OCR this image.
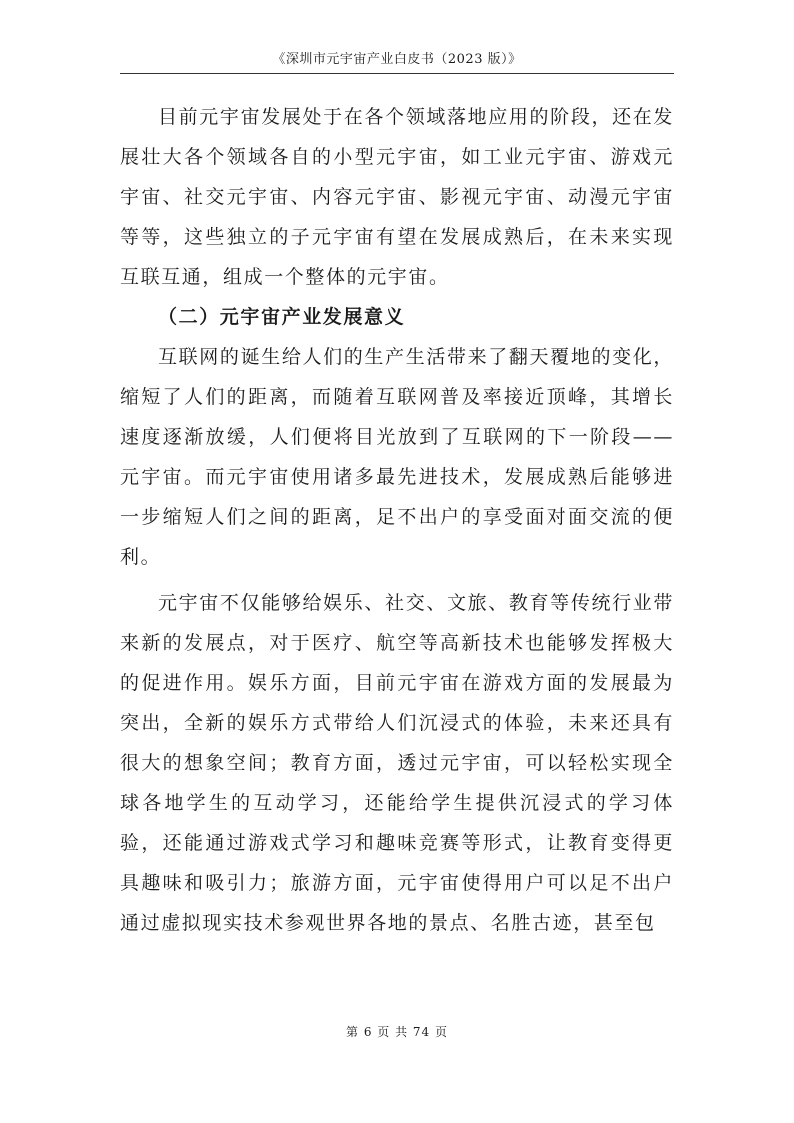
《深圳市元宇宙产业白皮书（2023 版）》

目前元宇宙发展处于在各个领域落地应用的阶段，还在发展壮大各个领域各自的小型元宇宙，如工业元宇宙、游戏元宇宙、社交元宇宙、内容元宇宙、影视元宇宙、动漫元宇宙等等，这些独立的子元宇宙有望在发展成熟后，在未来实现互联互通，组成一个整体的元宇宙。

（二）元宇宙产业发展意义

互联网的诞生给人们的生产生活带来了翻天覆地的变化，缩短了人们的距离，而随着互联网普及率接近顶峰，其增长速度逐渐放缓，人们便将目光放到了互联网的下一阶段——元宇宙。而元宇宙使用诸多最先进技术，发展成熟后能够进一步缩短人们之间的距离，足不出户的享受面对面交流的便利。

元宇宙不仅能够给娱乐、社交、文旅、教育等传统行业带来新的发展点，对于医疗、航空等高新技术也能够发挥极大的促进作用。娱乐方面，目前元宇宙在游戏方面的发展最为突出，全新的娱乐方式带给人们沉浸式的体验，未来还具有很大的想象空间；教育方面，透过元宇宙，可以轻松实现全球各地学生的互动学习，还能给学生提供沉浸式的学习体验，还能通过游戏式学习和趣味竞赛等形式，让教育变得更具趣味和吸引力；旅游方面，元宇宙使得用户可以足不出户通过虚拟现实技术参观世界各地的景点、名胜古迹，甚至包

第 6 页 共 74 页
